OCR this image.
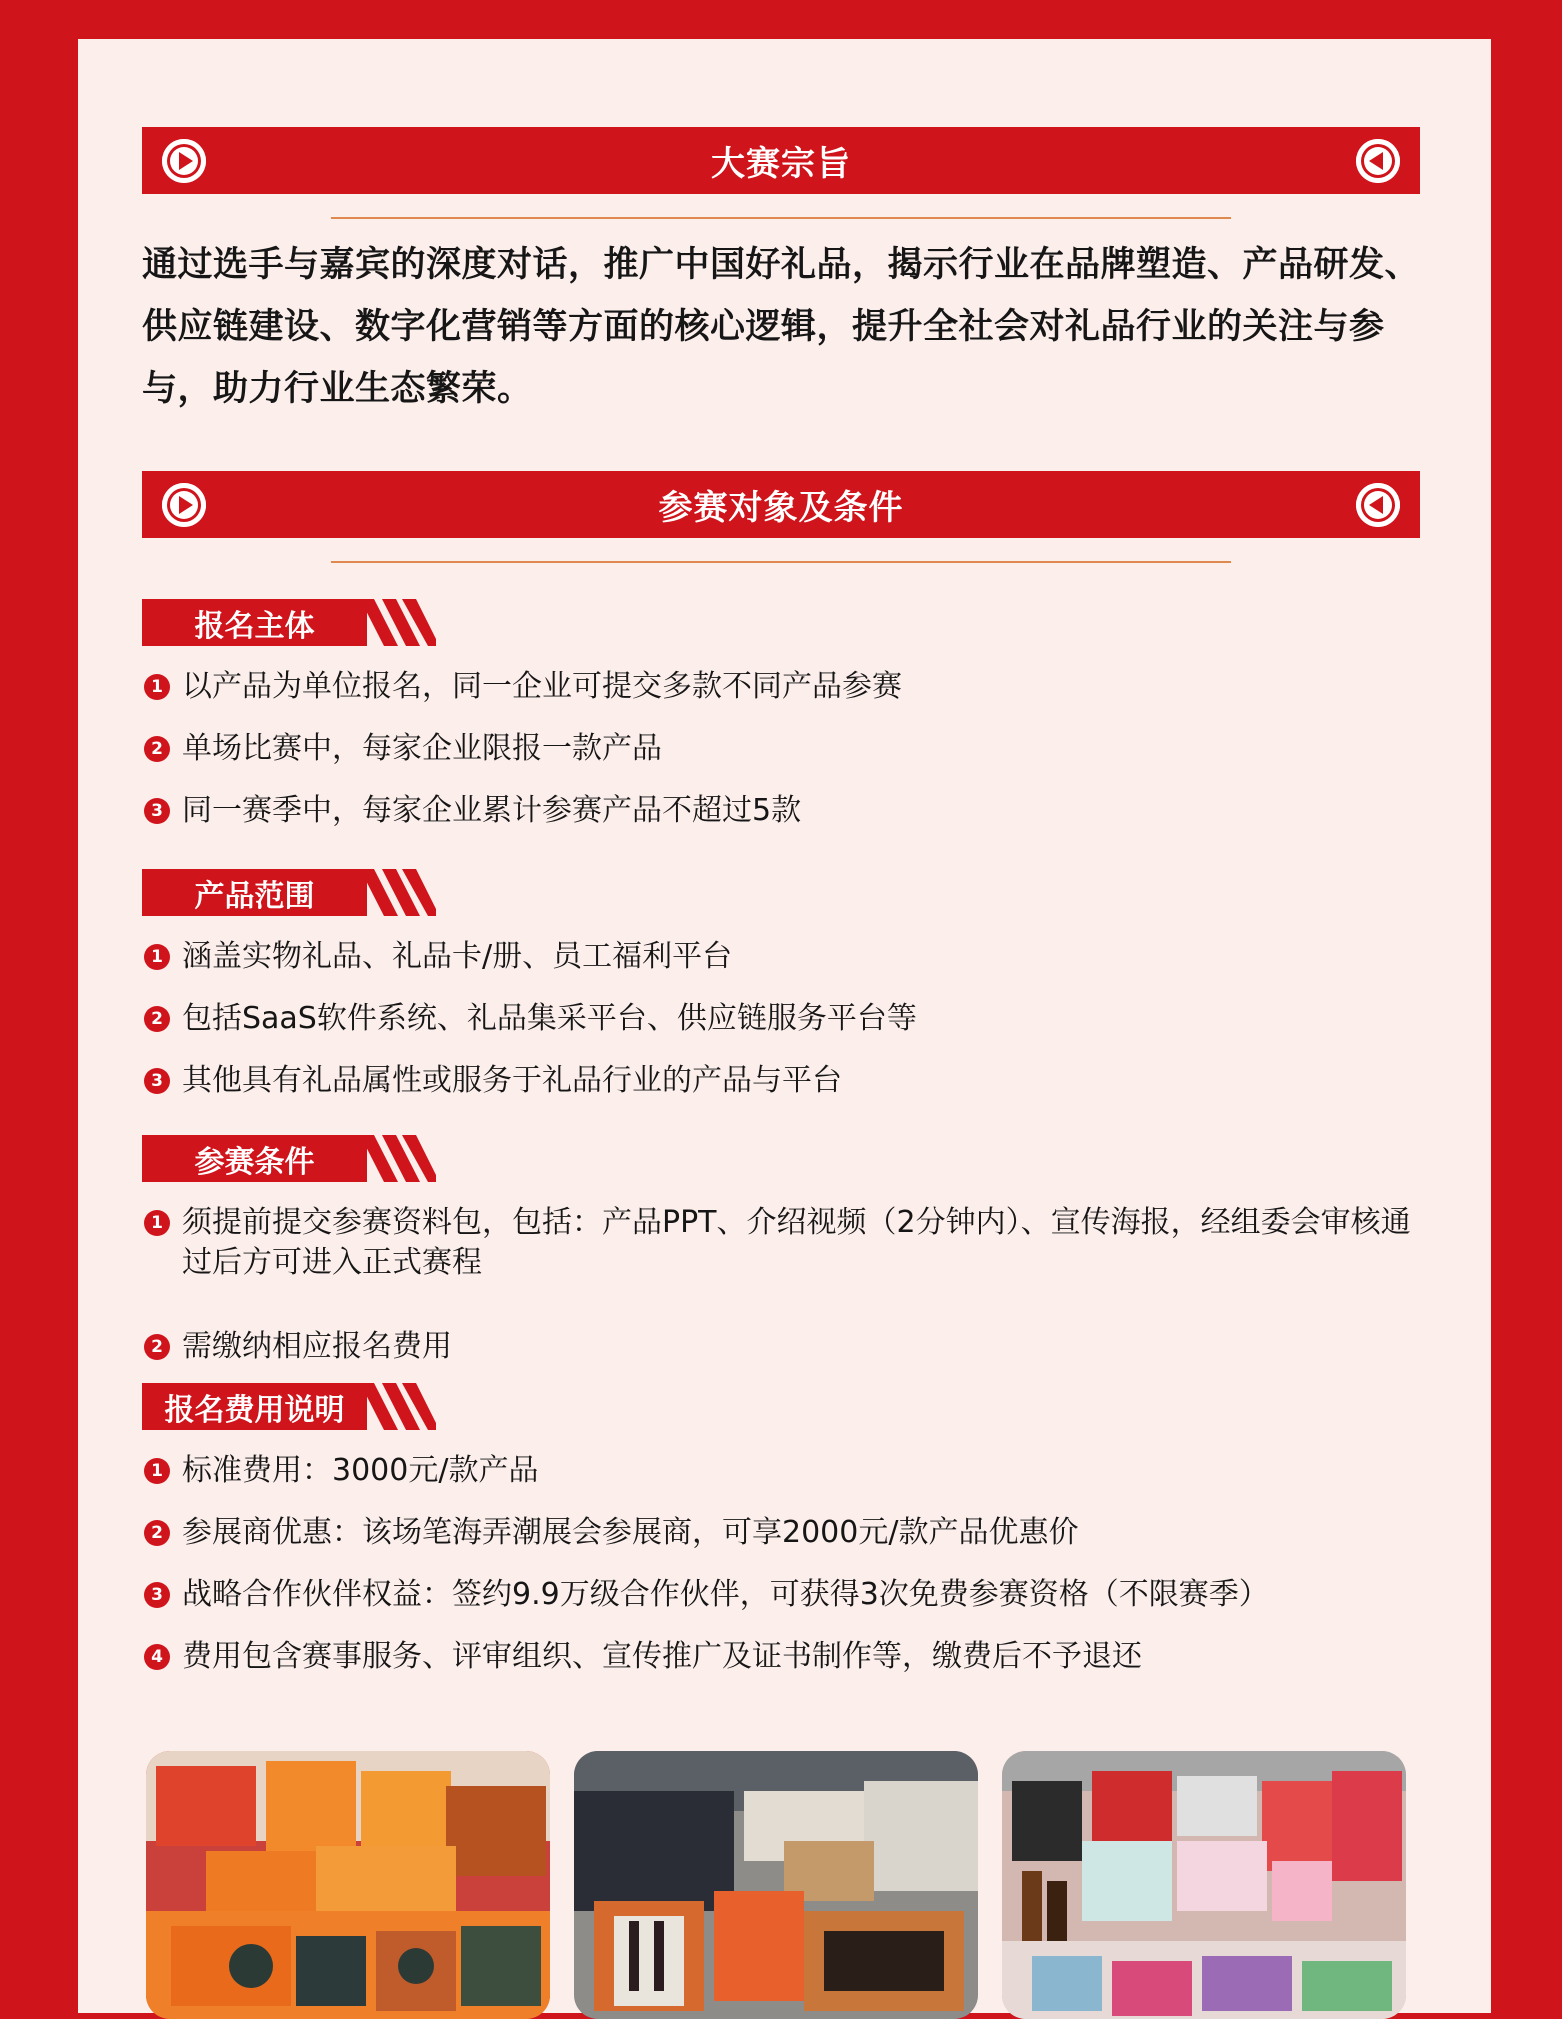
大赛宗旨
通过选手与嘉宾的深度对话，推广中国好礼品，揭示行业在品牌塑造、产品研发、供应链建设、数字化营销等方面的核心逻辑，提升全社会对礼品行业的关注与参与，助力行业生态繁荣。
参赛对象及条件
报名主体
1 以产品为单位报名，同一企业可提交多款不同产品参赛
2 单场比赛中，每家企业限报一款产品
3 同一赛季中，每家企业累计参赛产品不超过5款
产品范围
1 涵盖实物礼品、礼品卡/册、员工福利平台
2 包括SaaS软件系统、礼品集采平台、供应链服务平台等
3 其他具有礼品属性或服务于礼品行业的产品与平台
参赛条件
1 须提前提交参赛资料包，包括：产品PPT、介绍视频（2分钟内）、宣传海报，经组委会审核通过后方可进入正式赛程
2 需缴纳相应报名费用
报名费用说明
1 标准费用：3000元/款产品
2 参展商优惠：该场笔海弄潮展会参展商，可享2000元/款产品优惠价
3 战略合作伙伴权益：签约9.9万级合作伙伴，可获得3次免费参赛资格（不限赛季）
4 费用包含赛事服务、评审组织、宣传推广及证书制作等，缴费后不予退还
